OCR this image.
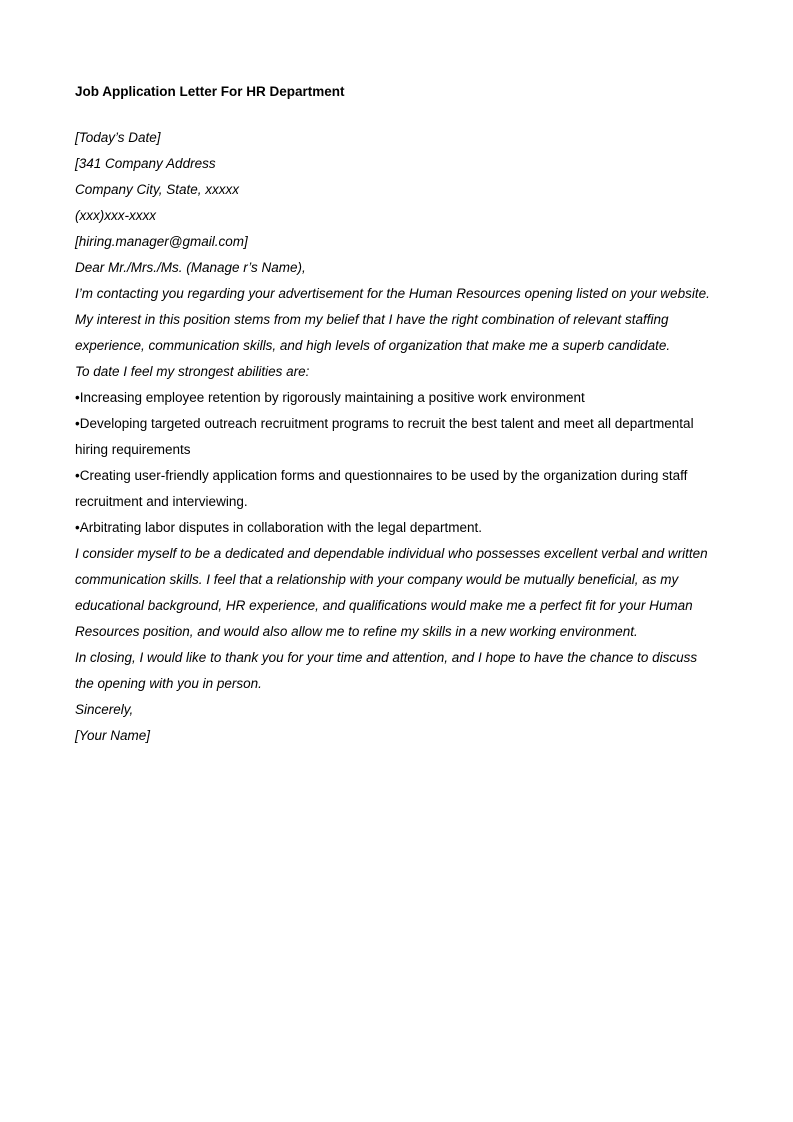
Job Application Letter For HR Department
[Today’s Date]
[341 Company Address
Company City, State, xxxxx
(xxx)xxx-xxxx
[hiring.manager@gmail.com]
Dear Mr./Mrs./Ms. (Manage r’s Name),
I’m contacting you regarding your advertisement for the Human Resources opening listed on your website.
My interest in this position stems from my belief that I have the right combination of relevant staffing experience, communication skills, and high levels of organization that make me a superb candidate.
To date I feel my strongest abilities are:
•Increasing employee retention by rigorously maintaining a positive work environment
•Developing targeted outreach recruitment programs to recruit the best talent and meet all departmental hiring requirements
•Creating user-friendly application forms and questionnaires to be used by the organization during staff recruitment and interviewing.
•Arbitrating labor disputes in collaboration with the legal department.
I consider myself to be a dedicated and dependable individual who possesses excellent verbal and written communication skills. I feel that a relationship with your company would be mutually beneficial, as my educational background, HR experience, and qualifications would make me a perfect fit for your Human Resources position, and would also allow me to refine my skills in a new working environment.
In closing, I would like to thank you for your time and attention, and I hope to have the chance to discuss the opening with you in person.
Sincerely,
[Your Name]
